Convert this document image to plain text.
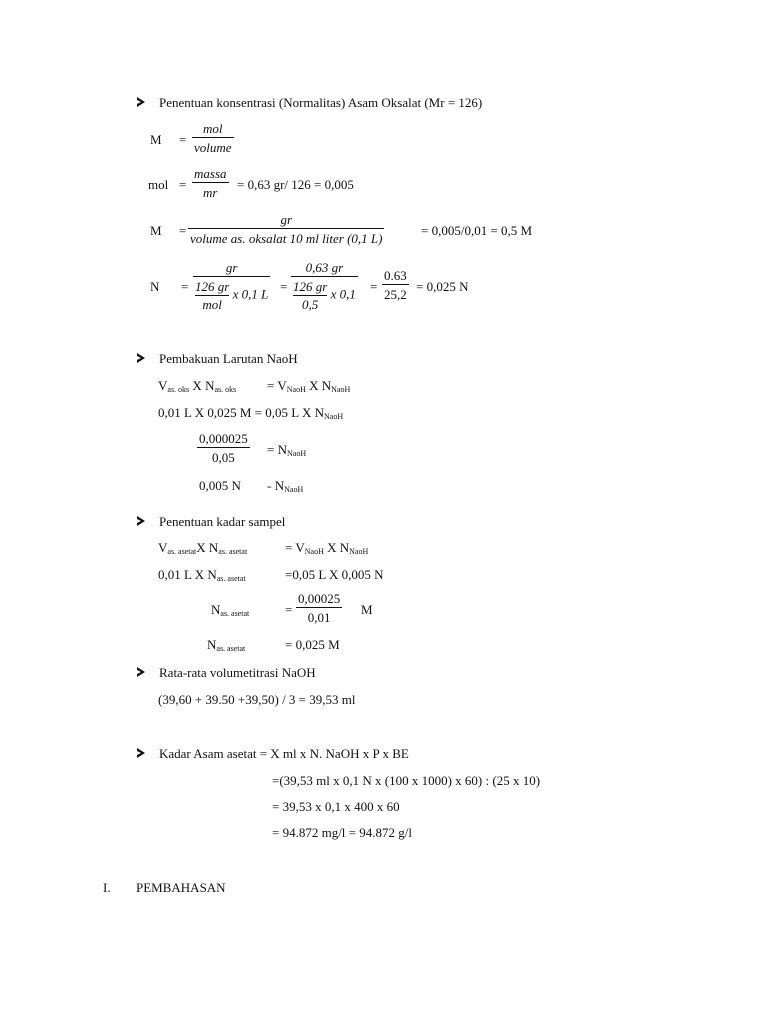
Penentuan konsentrasi (Normalitas) Asam Oksalat (Mr = 126)
M =
mol
volume
mol =
massa
mr
= 0,63 gr/ 126 = 0,005
M =
gr
volume as. oksalat 10 ml liter (0,1 L)
= 0,005/0,01 = 0,5 M
N =
gr
126 gr
mol
x 0,1 L =
0,63 gr
$\frac{126 gr}{0,5}$ x 0,1 =
0.63
25,2
= 0,025 N
Pembakuan Larutan NaoH
$V_{as. oks}$ X $N_{as. oks} = V_{NaoH}$ X $N_{NaoH}$
0,01 L X 0,025 M = 0,05 L X $N_{NaoH}$
0,000025
0,05
= $N_{NaoH}$
0,005 N	= $N_{NaoH}$
Penentuan kadar sampel
$V_{as. asetat}X$ $N_{as. asetat}$	= $V_{NaoH}$ X $N_{NaoH}$
0,01 L X $N_{as. asetat}$	=0,05 L X 0,005 N
$N_{as. asetat}$	=
0,00025
0,01
M
$N_{as. asetat}$	= 0,025 M
Rata-rata volumetitrasi NaOH
(39,60 + 39.50 +39,50) / 3 = 39,53 ml
Kadar Asam asetat = X ml x N. NaOH x P x BE
=(39,53 ml x 0,1 N x (100 x 1000) x 60) : (25 x 10)
= 39,53 x 0,1 x 400 x 60
= 94.872 mg/l = 94.872 g/l
I. PEMBAHASAN
